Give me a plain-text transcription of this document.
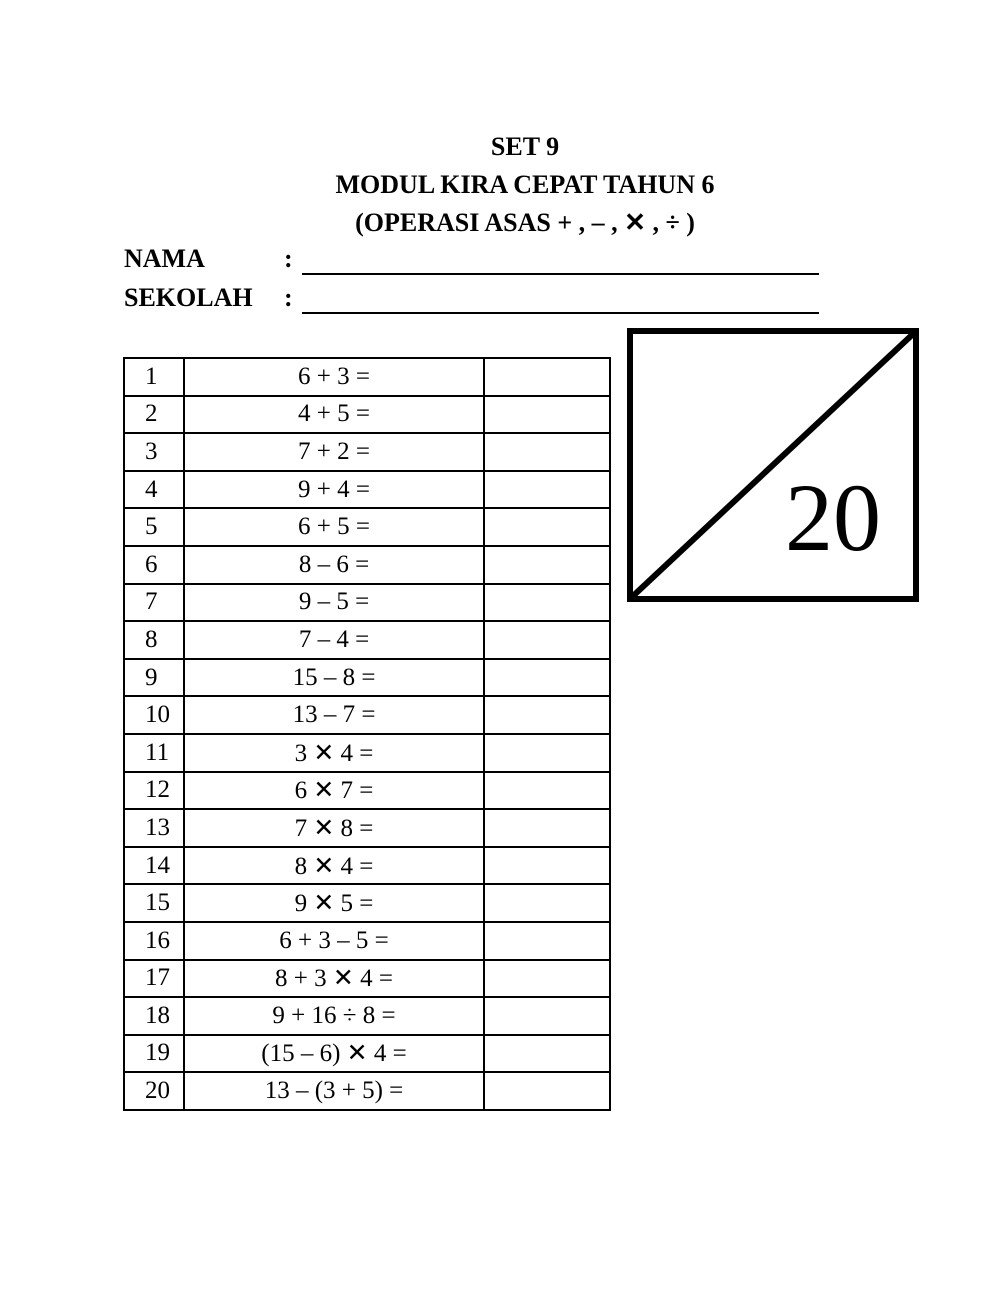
SET 9
MODUL KIRA CEPAT TAHUN 6
(OPERASI ASAS + , – , ✕ , ÷ )
NAMA	:
SEKOLAH :
20
1	6 + 3 =	
2	4 + 5 =	
3	7 + 2 =	
4	9 + 4 =	
5	6 + 5 =	
6	8 – 6 =	
7	9 – 5 =	
8	7 – 4 =	
9	15 – 8 =	
10	13 – 7 =	
11	3 ✕ 4 =	
12	6 ✕ 7 =	
13	7 ✕ 8 =	
14	8 ✕ 4 =	
15	9 ✕ 5 =	
16	6 + 3 – 5 =	
17	8 + 3 ✕ 4 =	
18	9 + 16 ÷ 8 =	
19	(15 – 6) ✕ 4 =	
20	13 – (3 + 5) =	
